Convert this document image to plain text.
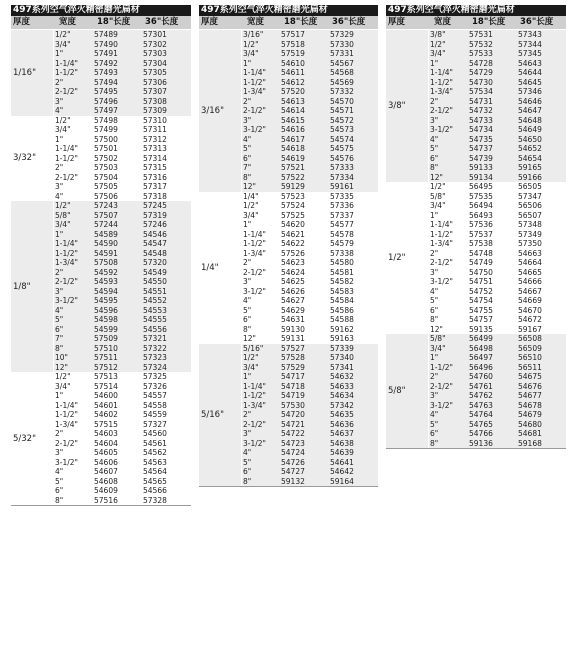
497系列空气淬火精密磨光扁材
厚度	宽度	18"长度	36"长度
1/16"
1/2"	57489	57301
3/4"	57490	57302
1"	57491	57303
1-1/4"	57492	57304
1-1/2"	57493	57305
2"	57494	57306
2-1/2"	57495	57307
3"	57496	57308
4"	57497	57309
3/32"
1/2"	57498	57310
3/4"	57499	57311
1"	57500	57312
1-1/4"	57501	57313
1-1/2"	57502	57314
2"	57503	57315
2-1/2"	57504	57316
3"	57505	57317
4"	57506	57318
1/8"
1/2"	57243	57245
5/8"	57507	57319
3/4"	57244	57246
1"	54589	54546
1-1/4"	54590	54547
1-1/2"	54591	54548
1-3/4"	57508	57320
2"	54592	54549
2-1/2"	54593	54550
3"	54594	54551
3-1/2"	54595	54552
4"	54596	54553
5"	54598	54555
6"	54599	54556
7"	57509	57321
8"	57510	57322
10"	57511	57323
12"	57512	57324
5/32"
1/2"	57513	57325
3/4"	57514	57326
1"	54600	54557
1-1/4"	54601	54558
1-1/2"	54602	54559
1-3/4"	57515	57327
2"	54603	54560
2-1/2"	54604	54561
3"	54605	54562
3-1/2"	54606	54563
4"	54607	54564
5"	54608	54565
6"	54609	54566
8"	57516	57328
497系列空气淬火精密磨光扁材
厚度	宽度	18"长度	36"长度
3/16"
3/16"	57517	57329
1/2"	57518	57330
3/4"	57519	57331
1"	54610	54567
1-1/4"	54611	54568
1-1/2"	54612	54569
1-3/4"	57520	57332
2"	54613	54570
2-1/2"	54614	54571
3"	54615	54572
3-1/2"	54616	54573
4"	54617	54574
5"	54618	54575
6"	54619	54576
7"	57521	57333
8"	57522	57334
12"	59129	59161
1/4"
1/4"	57523	57335
1/2"	57524	57336
3/4"	57525	57337
1"	54620	54577
1-1/4"	54621	54578
1-1/2"	54622	54579
1-3/4"	57526	57338
2"	54623	54580
2-1/2"	54624	54581
3"	54625	54582
3-1/2"	54626	54583
4"	54627	54584
5"	54629	54586
6"	54631	54588
8"	59130	59162
12"	59131	59163
5/16"
5/16"	57527	57339
1/2"	57528	57340
3/4"	57529	57341
1"	54717	54632
1-1/4"	54718	54633
1-1/2"	54719	54634
1-3/4"	57530	57342
2"	54720	54635
2-1/2"	54721	54636
3"	54722	54637
3-1/2"	54723	54638
4"	54724	54639
5"	54726	54641
6"	54727	54642
8"	59132	59164
497系列空气淬火精密磨光扁材
厚度	宽度	18"长度	36"长度
3/8"
3/8"	57531	57343
1/2"	57532	57344
3/4"	57533	57345
1"	54728	54643
1-1/4"	54729	54644
1-1/2"	54730	54645
1-3/4"	57534	57346
2"	54731	54646
2-1/2"	54732	54647
3"	54733	54648
3-1/2"	54734	54649
4"	54735	54650
5"	54737	54652
6"	54739	54654
8"	59133	59165
12"	59134	59166
1/2"
1/2"	56495	56505
5/8"	57535	57347
3/4"	56494	56506
1"	56493	56507
1-1/4"	57536	57348
1-1/2"	57537	57349
1-3/4"	57538	57350
2"	54748	54663
2-1/2"	54749	54664
3"	54750	54665
3-1/2"	54751	54666
4"	54752	54667
5"	54754	54669
6"	54755	54670
8"	54757	54672
12"	59135	59167
5/8"
5/8"	56499	56508
3/4"	56498	56509
1"	56497	56510
1-1/2"	56496	56511
2"	54760	54675
2-1/2"	54761	54676
3"	54762	54677
3-1/2"	54763	54678
4"	54764	54679
5"	54765	54680
6"	54766	54681
8"	59136	59168
